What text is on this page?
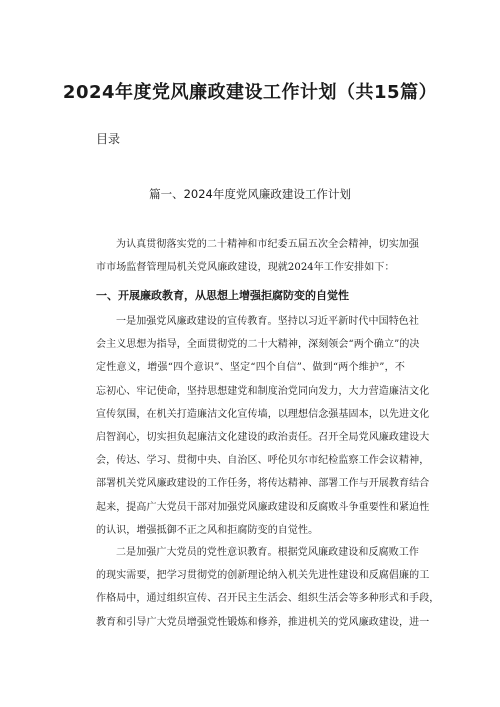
2024年度党风廉政建设工作计划（共15篇）
目录
篇一、2024年度党风廉政建设工作计划
为认真贯彻落实党的二十精神和市纪委五届五次全会精神，切实加强
市市场监督管理局机关党风廉政建设，现就2024年工作安排如下：
一、开展廉政教育，从思想上增强拒腐防变的自觉性
一是加强党风廉政建设的宣传教育。坚持以习近平新时代中国特色社
会主义思想为指导，全面贯彻党的二十大精神，深刻领会“两个确立”的决
定性意义，增强“四个意识”、坚定“四个自信”、做到“两个维护”，不
忘初心、牢记使命，坚持思想建党和制度治党同向发力，大力营造廉洁文化
宣传氛围，在机关打造廉洁文化宣传墙，以理想信念强基固本，以先进文化
启智润心，切实担负起廉洁文化建设的政治责任。召开全局党风廉政建设大
会，传达、学习、贯彻中央、自治区、呼伦贝尔市纪检监察工作会议精神，
部署机关党风廉政建设的工作任务，将传达精神、部署工作与开展教育结合
起来，提高广大党员干部对加强党风廉政建设和反腐败斗争重要性和紧迫性
的认识，增强抵御不正之风和拒腐防变的自觉性。
二是加强广大党员的党性意识教育。根据党风廉政建设和反腐败工作
的现实需要，把学习贯彻党的创新理论纳入机关先进性建设和反腐倡廉的工
作格局中，通过组织宣传、召开民主生活会、组织生活会等多种形式和手段，
教育和引导广大党员增强党性锻炼和修养，推进机关的党风廉政建设，进一
